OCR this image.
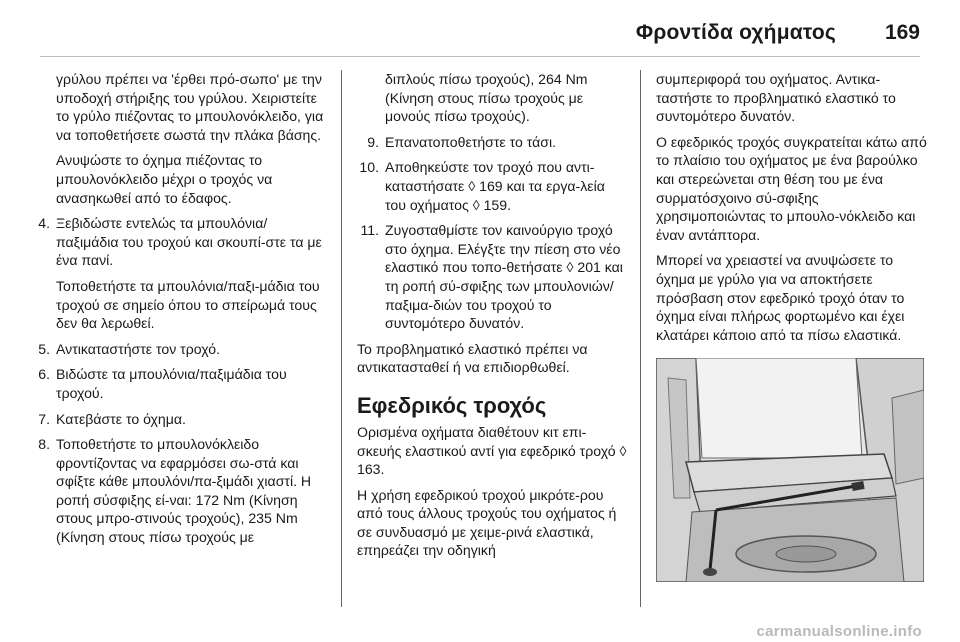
Φροντίδα οχήματος 169

γρύλου πρέπει να 'έρθει πρό-σωπο' με την υποδοχή στήριξης του γρύλου. Χειριστείτε το γρύλο πιέζοντας το μπουλονόκλειδο, για να τοποθετήσετε σωστά την πλάκα βάσης.

Ανυψώστε το όχημα πιέζοντας το μπουλονόκλειδο μέχρι ο τροχός να ανασηκωθεί από το έδαφος.

4. Ξεβιδώστε εντελώς τα μπουλόνια/παξιμάδια του τροχού και σκουπί-στε τα με ένα πανί.

Τοποθετήστε τα μπουλόνια/παξι-μάδια του τροχού σε σημείο όπου το σπείρωμά τους δεν θα λερωθεί.

5. Αντικαταστήστε τον τροχό.
6. Βιδώστε τα μπουλόνια/παξιμάδια του τροχού.
7. Κατεβάστε το όχημα.
8. Τοποθετήστε το μπουλονόκλειδο φροντίζοντας να εφαρμόσει σω-στά και σφίξτε κάθε μπουλόνι/πα-ξιμάδι χιαστί. Η ροπή σύσφιξης εί-ναι: 172 Nm (Κίνηση στους μπρο-στινούς τροχούς), 235 Nm (Κίνηση στους πίσω τροχούς με

διπλούς πίσω τροχούς), 264 Nm (Κίνηση στους πίσω τροχούς με μονούς πίσω τροχούς).

9. Επανατοποθετήστε το τάσι.
10. Αποθηκεύστε τον τροχό που αντι-καταστήσατε ◊ 169 και τα εργα-λεία του οχήματος ◊ 159.
11. Ζυγοσταθμίστε τον καινούργιο τροχό στο όχημα. Ελέγξτε την πίεση στο νέο ελαστικό που τοπο-θετήσατε ◊ 201 και τη ροπή σύ-σφιξης των μπουλονιών/παξιμα-διών του τροχού το συντομότερο δυνατόν.

Το προβληματικό ελαστικό πρέπει να αντικατασταθεί ή να επιδιορθωθεί.

Εφεδρικός τροχός

Ορισμένα οχήματα διαθέτουν κιτ επι-σκευής ελαστικού αντί για εφεδρικό τροχό ◊ 163.

Η χρήση εφεδρικού τροχού μικρότε-ρου από τους άλλους τροχούς του οχήματος ή σε συνδυασμό με χειμε-ρινά ελαστικά, επηρεάζει την οδηγική

συμπεριφορά του οχήματος. Αντικα-ταστήστε το προβληματικό ελαστικό το συντομότερο δυνατόν.

Ο εφεδρικός τροχός συγκρατείται κάτω από το πλαίσιο του οχήματος με ένα βαρούλκο και στερεώνεται στη θέση του με ένα συρματόσχοινο σύ-σφιξης χρησιμοποιώντας το μπουλο-νόκλειδο και έναν αντάπτορα.

Μπορεί να χρειαστεί να ανυψώσετε το όχημα με γρύλο για να αποκτήσετε πρόσβαση στον εφεδρικό τροχό όταν το όχημα είναι πλήρως φορτωμένο και έχει κλατάρει κάποιο από τα πίσω ελαστικά.

carmanualsonline.info
